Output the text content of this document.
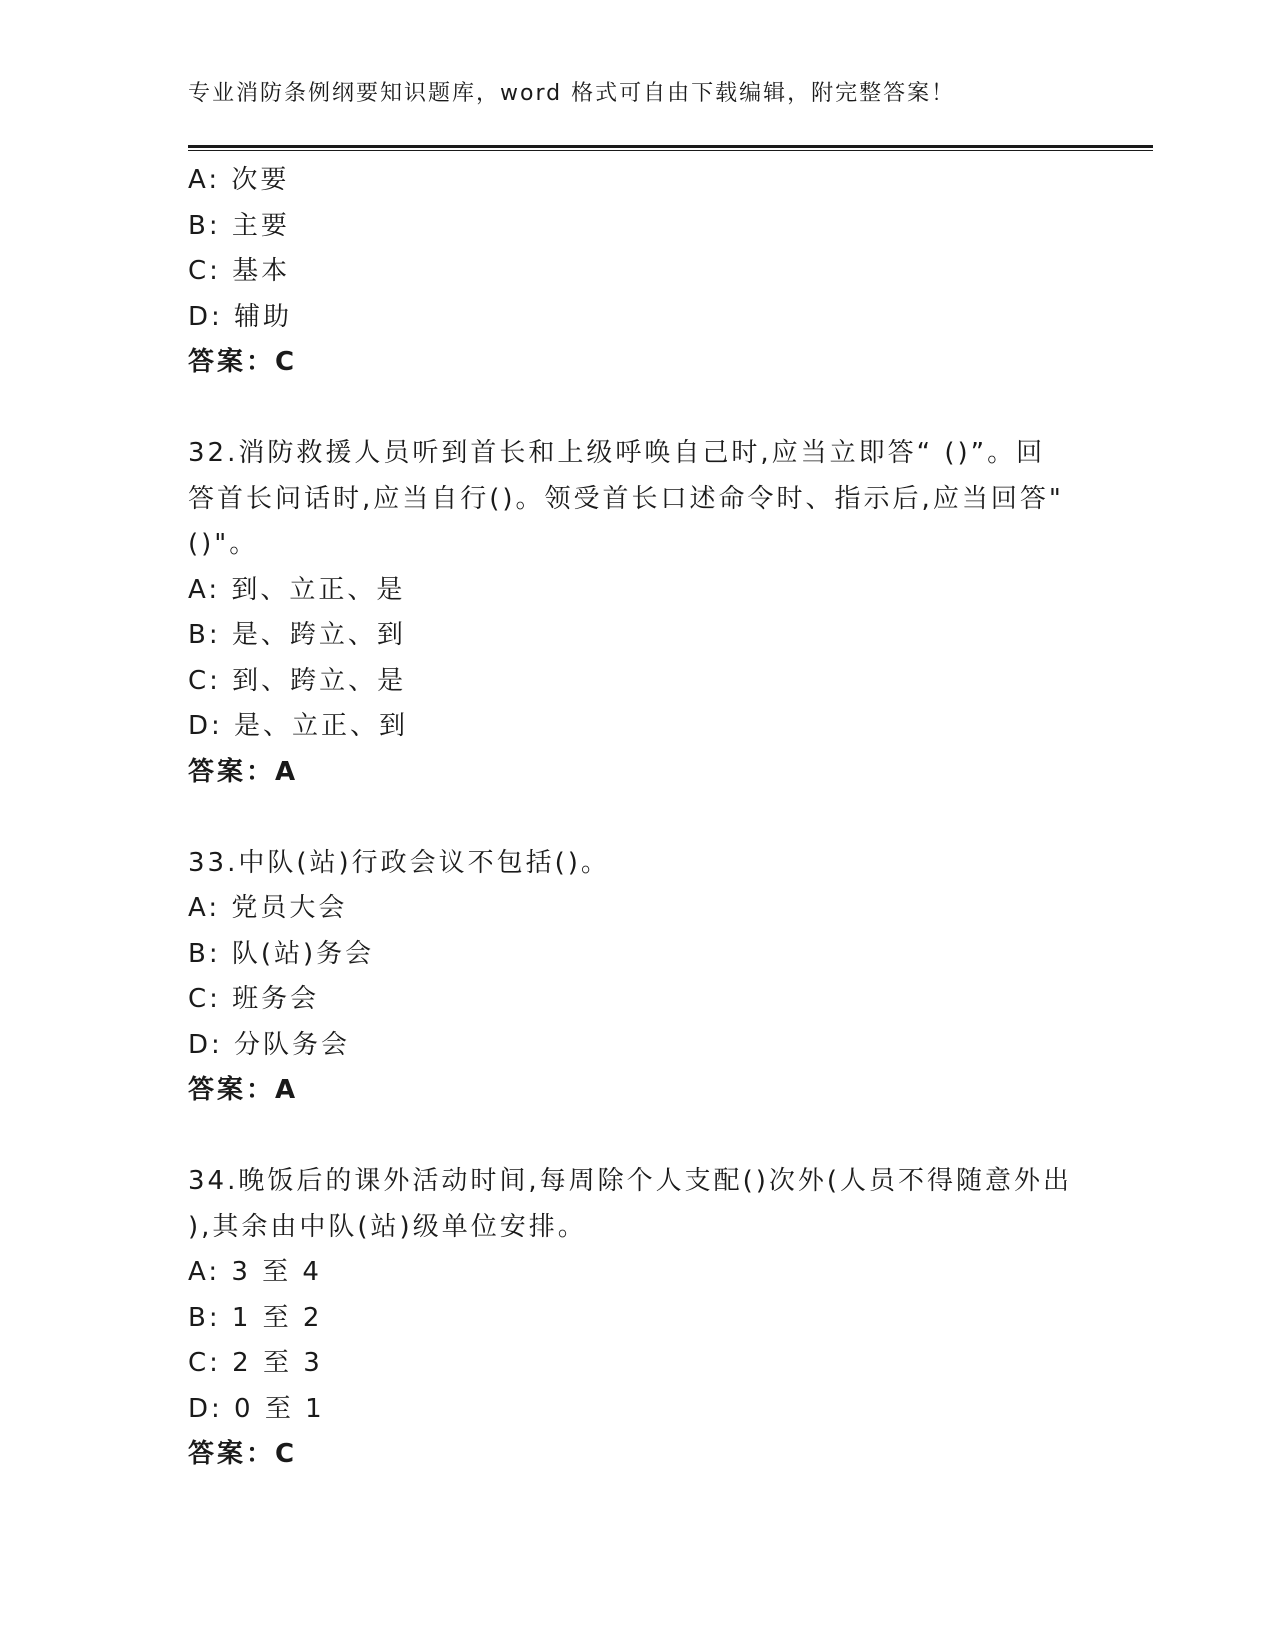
专业消防条例纲要知识题库，word 格式可自由下载编辑，附完整答案！
A: 次要
B: 主要
C: 基本
D: 辅助
答案：C
32.消防救援人员听到首长和上级呼唤自己时,应当立即答“ ()”。回
答首长问话时,应当自行()。领受首长口述命令时、指示后,应当回答"
()"。
A: 到、立正、是
B: 是、跨立、到
C: 到、跨立、是
D: 是、立正、到
答案：A
33.中队(站)行政会议不包括()。
A: 党员大会
B: 队(站)务会
C: 班务会
D: 分队务会
答案：A
34.晚饭后的课外活动时间,每周除个人支配()次外(人员不得随意外出
),其余由中队(站)级单位安排。
A: 3 至 4
B: 1 至 2
C: 2 至 3
D: 0 至 1
答案：C
